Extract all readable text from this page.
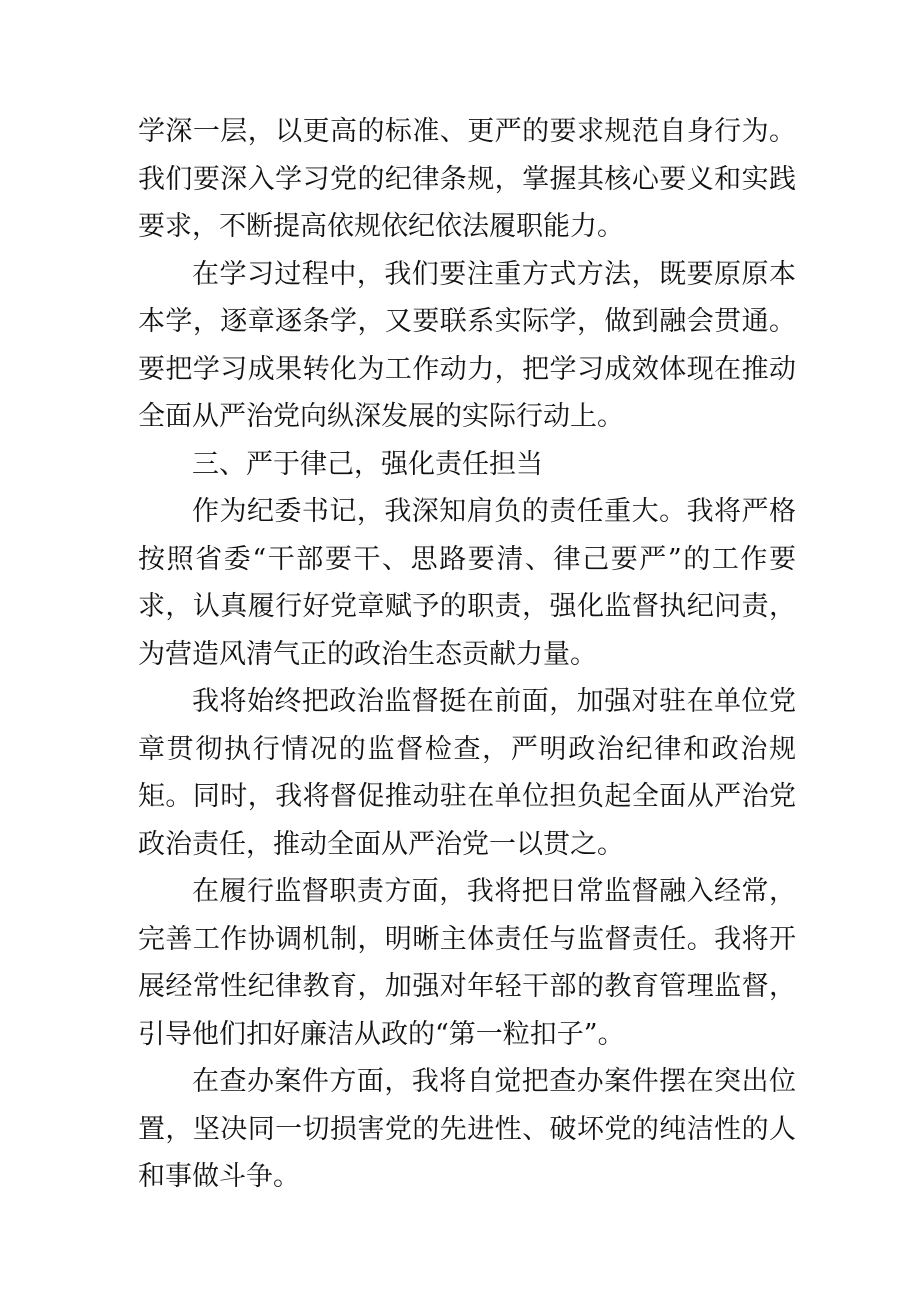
学深一层，以更高的标准、更严的要求规范自身行为。我们要深入学习党的纪律条规，掌握其核心要义和实践要求，不断提高依规依纪依法履职能力。

在学习过程中，我们要注重方式方法，既要原原本本学，逐章逐条学，又要联系实际学，做到融会贯通。要把学习成果转化为工作动力，把学习成效体现在推动全面从严治党向纵深发展的实际行动上。

三、严于律己，强化责任担当

作为纪委书记，我深知肩负的责任重大。我将严格按照省委“干部要干、思路要清、律己要严”的工作要求，认真履行好党章赋予的职责，强化监督执纪问责，为营造风清气正的政治生态贡献力量。

我将始终把政治监督挺在前面，加强对驻在单位党章贯彻执行情况的监督检查，严明政治纪律和政治规矩。同时，我将督促推动驻在单位担负起全面从严治党政治责任，推动全面从严治党一以贯之。

在履行监督职责方面，我将把日常监督融入经常，完善工作协调机制，明晰主体责任与监督责任。我将开展经常性纪律教育，加强对年轻干部的教育管理监督，引导他们扣好廉洁从政的“第一粒扣子”。

在查办案件方面，我将自觉把查办案件摆在突出位置，坚决同一切损害党的先进性、破坏党的纯洁性的人和事做斗争。
